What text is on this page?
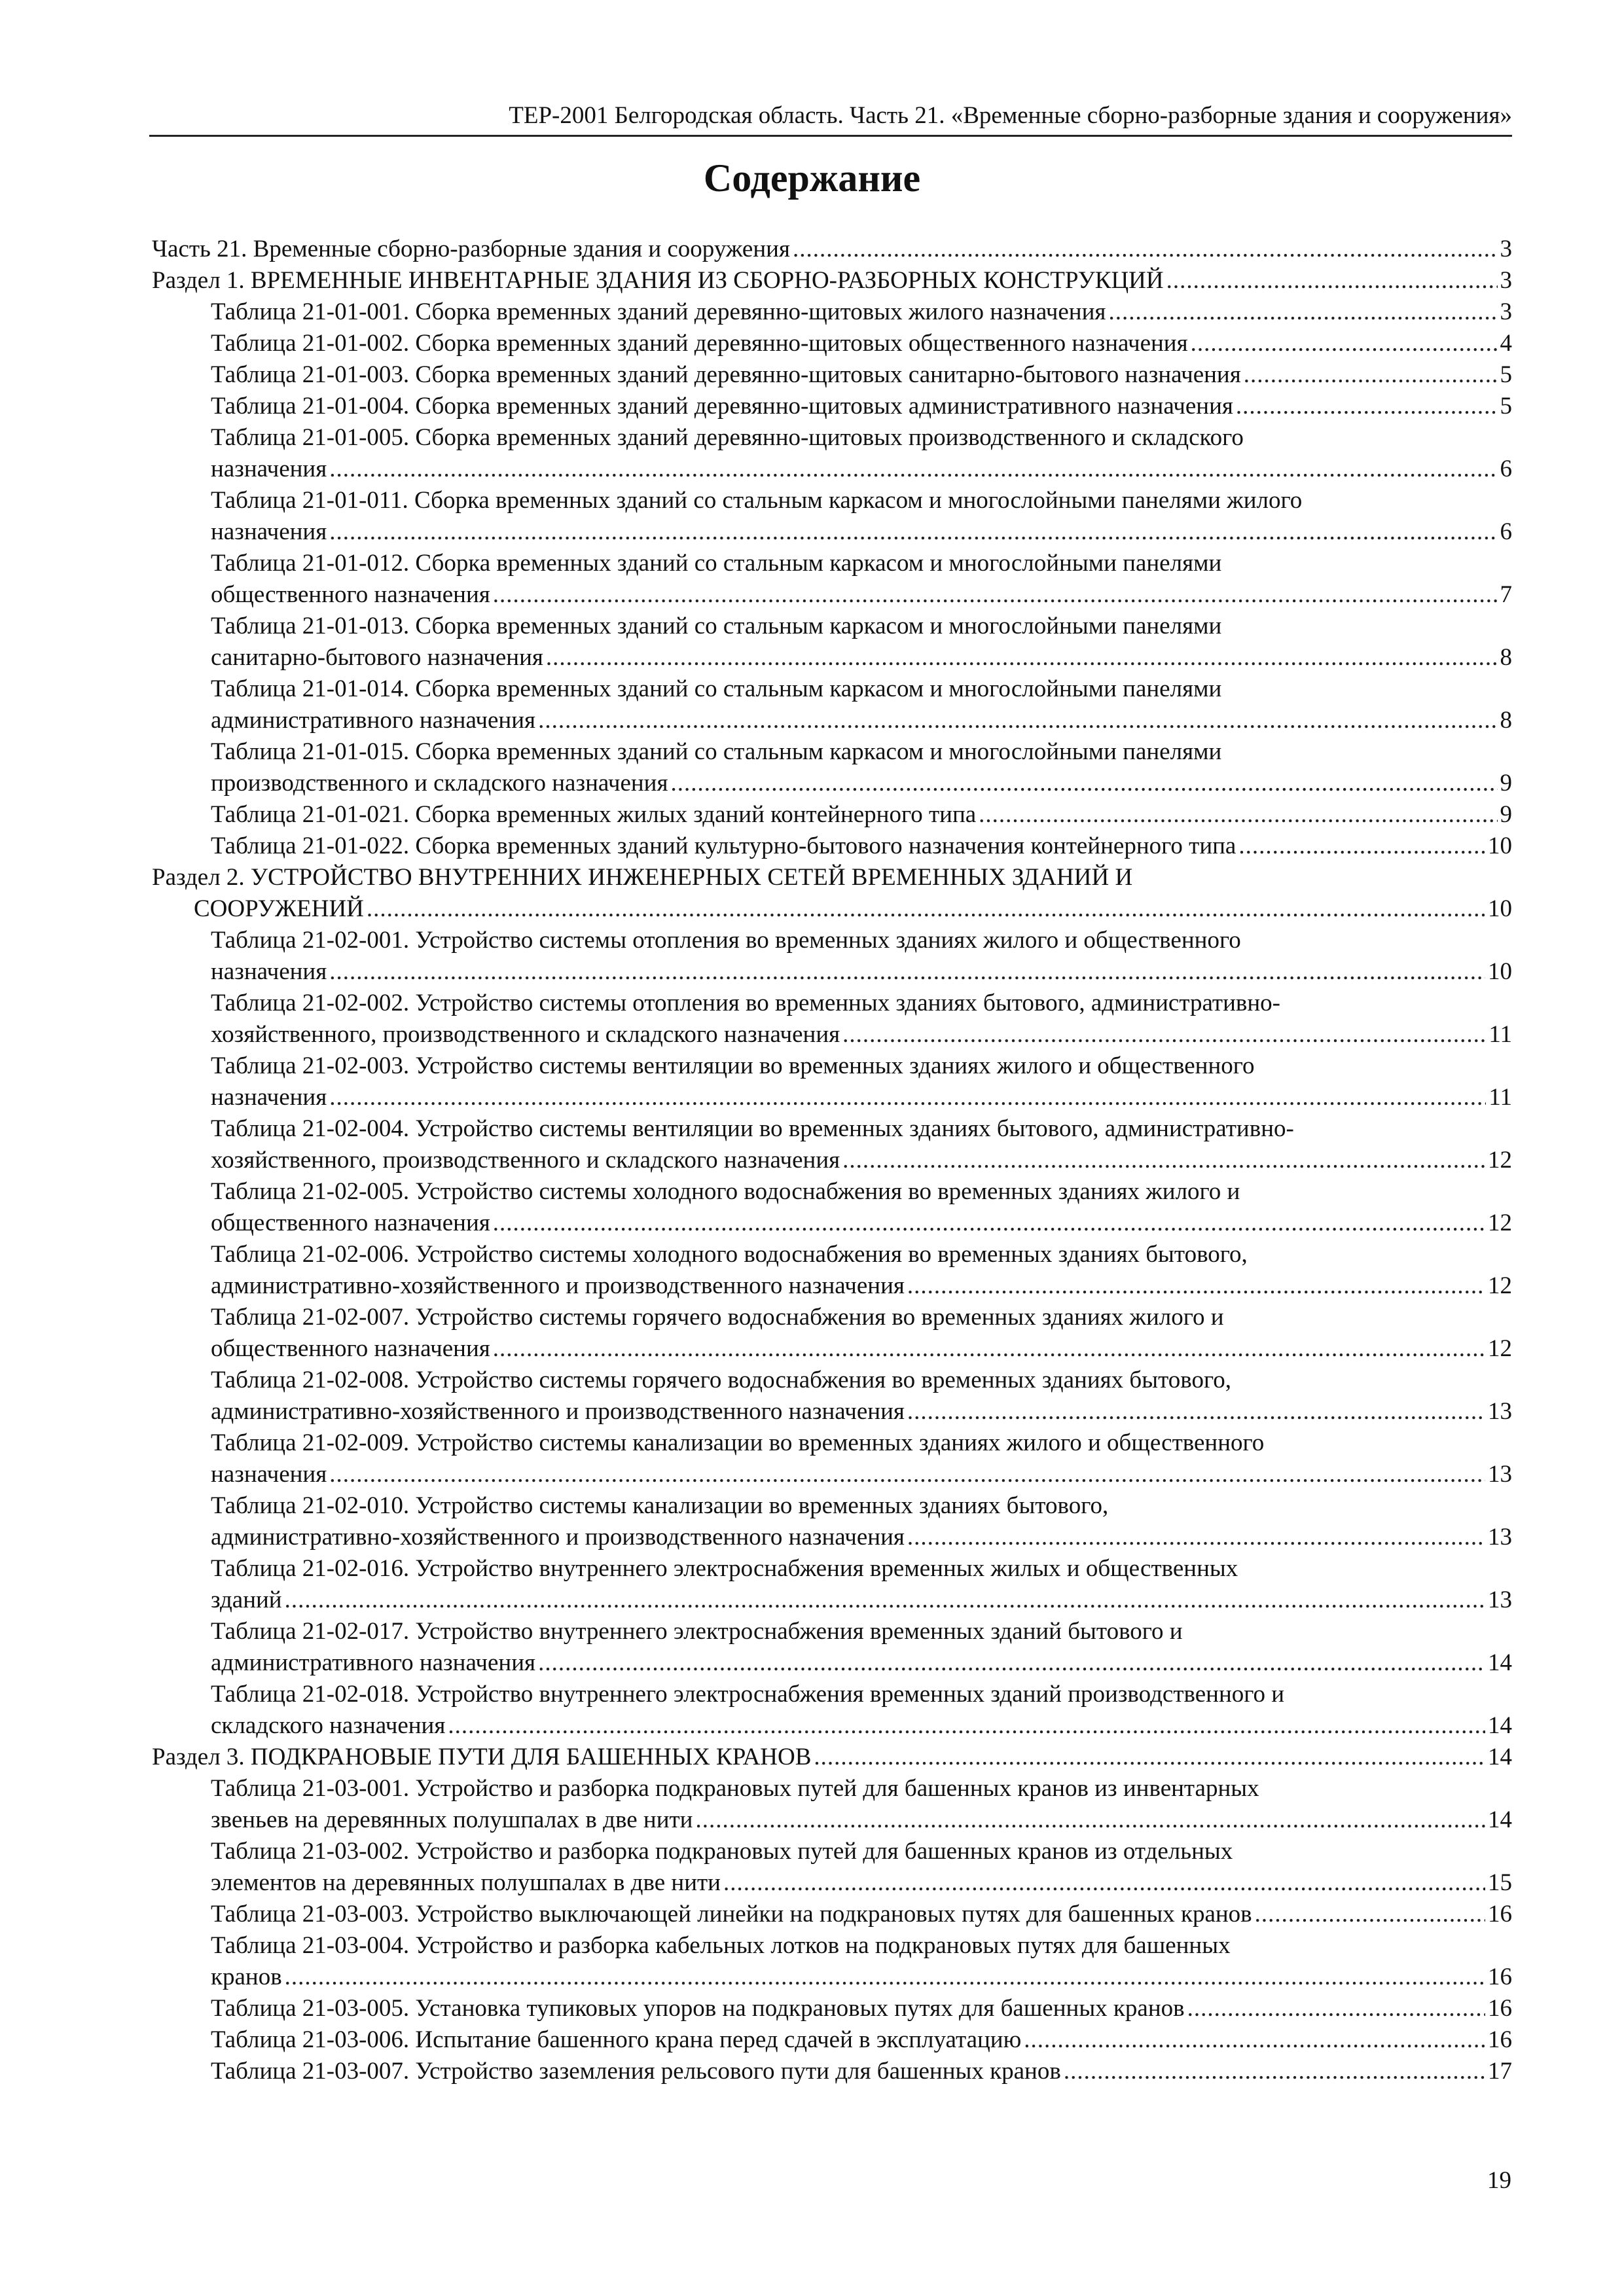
ТЕР-2001 Белгородская область. Часть 21. «Временные сборно-разборные здания и сооружения»
Содержание
Часть 21. Временные сборно-разборные здания и сооружения .....	3
Раздел 1. ВРЕМЕННЫЕ ИНВЕНТАРНЫЕ ЗДАНИЯ ИЗ СБОРНО-РАЗБОРНЫХ КОНСТРУКЦИЙ .....	3
Таблица 21-01-001. Сборка временных зданий деревянно-щитовых жилого назначения .....	3
Таблица 21-01-002. Сборка временных зданий деревянно-щитовых общественного назначения .....	4
Таблица 21-01-003. Сборка временных зданий деревянно-щитовых санитарно-бытового назначения .....	5
Таблица 21-01-004. Сборка временных зданий деревянно-щитовых административного назначения .....	5
Таблица 21-01-005. Сборка временных зданий деревянно-щитовых производственного и складского
назначения .....	6
Таблица 21-01-011. Сборка временных зданий со стальным каркасом и многослойными панелями жилого
назначения .....	6
Таблица 21-01-012. Сборка временных зданий со стальным каркасом и многослойными панелями
общественного назначения .....	7
Таблица 21-01-013. Сборка временных зданий со стальным каркасом и многослойными панелями
санитарно-бытового назначения .....	8
Таблица 21-01-014. Сборка временных зданий со стальным каркасом и многослойными панелями
административного назначения .....	8
Таблица 21-01-015. Сборка временных зданий со стальным каркасом и многослойными панелями
производственного и складского назначения .....	9
Таблица 21-01-021. Сборка временных жилых зданий контейнерного типа .....	9
Таблица 21-01-022. Сборка временных зданий культурно-бытового назначения контейнерного типа .....	10
Раздел 2. УСТРОЙСТВО ВНУТРЕННИХ ИНЖЕНЕРНЫХ СЕТЕЙ ВРЕМЕННЫХ ЗДАНИЙ И
СООРУЖЕНИЙ .....	10
Таблица 21-02-001. Устройство системы отопления во временных зданиях жилого и общественного
назначения .....	10
Таблица 21-02-002. Устройство системы отопления во временных зданиях бытового, административно-
хозяйственного, производственного и складского назначения .....	11
Таблица 21-02-003. Устройство системы вентиляции во временных зданиях жилого и общественного
назначения .....	11
Таблица 21-02-004. Устройство системы вентиляции во временных зданиях бытового, административно-
хозяйственного, производственного и складского назначения .....	12
Таблица 21-02-005. Устройство системы холодного водоснабжения во временных зданиях жилого и
общественного назначения .....	12
Таблица 21-02-006. Устройство системы холодного водоснабжения во временных зданиях бытового,
административно-хозяйственного и производственного назначения .....	12
Таблица 21-02-007. Устройство системы горячего водоснабжения во временных зданиях жилого и
общественного назначения .....	12
Таблица 21-02-008. Устройство системы горячего водоснабжения во временных зданиях бытового,
административно-хозяйственного и производственного назначения .....	13
Таблица 21-02-009. Устройство системы канализации во временных зданиях жилого и общественного
назначения .....	13
Таблица 21-02-010. Устройство системы канализации во временных зданиях бытового,
административно-хозяйственного и производственного назначения .....	13
Таблица 21-02-016. Устройство внутреннего электроснабжения временных жилых и общественных
зданий .....	13
Таблица 21-02-017. Устройство внутреннего электроснабжения временных зданий бытового и
административного назначения .....	14
Таблица 21-02-018. Устройство внутреннего электроснабжения временных зданий производственного и
складского назначения .....	14
Раздел 3. ПОДКРАНОВЫЕ ПУТИ ДЛЯ БАШЕННЫХ КРАНОВ .....	14
Таблица 21-03-001. Устройство и разборка подкрановых путей для башенных кранов из инвентарных
звеньев на деревянных полушпалах в две нити .....	14
Таблица 21-03-002. Устройство и разборка подкрановых путей для башенных кранов из отдельных
элементов на деревянных полушпалах в две нити .....	15
Таблица 21-03-003. Устройство выключающей линейки на подкрановых путях для башенных кранов .....	16
Таблица 21-03-004. Устройство и разборка кабельных лотков на подкрановых путях для башенных
кранов .....	16
Таблица 21-03-005. Установка тупиковых упоров на подкрановых путях для башенных кранов .....	16
Таблица 21-03-006. Испытание башенного крана перед сдачей в эксплуатацию .....	16
Таблица 21-03-007. Устройство заземления рельсового пути для башенных кранов .....	17
19
